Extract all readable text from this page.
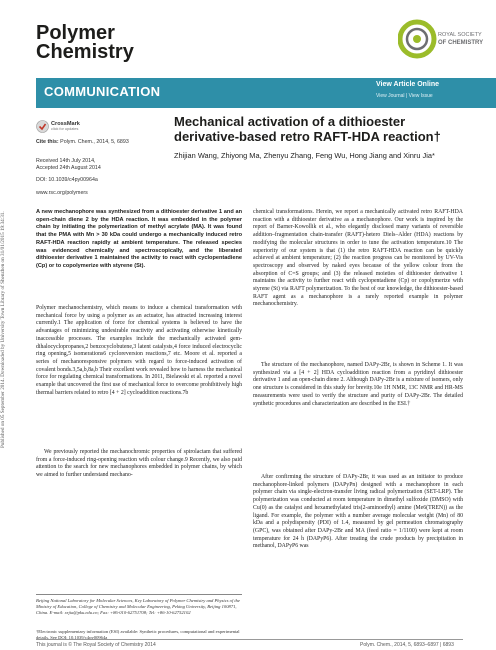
Published on 05 September 2014. Downloaded by University Town Library of Shenzhen on 31/01/2015 19:34:31.
Polymer
Chemistry
ROYAL SOCIETY
OF CHEMISTRY
COMMUNICATION	View Article Online
View Journal | View Issue
CrossMark
click for updates
Cite this: Polym. Chem., 2014, 5, 6893
Received 14th July 2014,
Accepted 24th August 2014
DOI: 10.1039/c4py00964a
www.rsc.org/polymers
Mechanical activation of a dithioester
derivative-based retro RAFT-HDA reaction†
Zhijian Wang, Zhiyong Ma, Zhenyu Zhang, Feng Wu, Hong Jiang and Xinru Jia*

A new mechanophore was synthesized from a dithioester derivative 1 and an open-chain diene 2 by the HDA reaction. It was embedded in the polymer chain by initiating the polymerization of methyl acrylate (MA). It was found that the PMA with Mn > 30 kDa could undergo a mechanically induced retro RAFT-HDA reaction rapidly at ambient temperature. The released species was evidenced chemically and spectroscopically, and the liberated dithioester derivative 1 maintained the activity to react with cyclopentadiene (Cp) or to copolymerize with styrene (St).

Polymer mechanochemistry, which means to induce a chemical transformation with mechanical force by using a polymer as an actuator, has attracted increasing interest currently.1 The application of force for chemical systems is believed to have the advantages of minimizing undesirable reactivity and activating otherwise kinetically inaccessible processes. The examples include the mechanically activated gem-dihalocyclopropanes,2 benzocyclobutene,3 latent catalysts,4 force induced electrocyclic ring opening,5 isomerations6 cycloreversion reactions,7 etc. Moore et al. reported a series of mechanoresponsive polymers with regard to force-induced activation of covalent bonds.3,5a,b,8a,b Their excellent work revealed how to harness the mechanical force for regulating chemical transformations. In 2011, Bielawski et al. reported a novel example that uncovered the first use of mechanical force to overcome prohibitively high thermal barriers related to retro [4 + 2] cycloaddition reactions.7b

We previously reported the mechanochromic properties of spirolactam that suffered from a force-induced ring-opening reaction with colour change.9 Recently, we also paid attention to the search for new mechanophores embedded in polymer chains, by which we aimed to further understand mechano-

chemical transformations. Herein, we report a mechanically activated retro RAFT-HDA reaction with a dithioester derivative as a mechanophore. Our work is inspired by the report of Barner-Kowollik et al., who elegantly disclosed many variants of reversible addition–fragmentation chain-transfer (RAFT)-hetero Diels–Alder (HDA) reactions by modifying the molecular structures in order to tune the activation temperature.10 The superiority of our system is that (1) the retro RAFT-HDA reaction can be quickly achieved at ambient temperature; (2) the reaction progress can be monitored by UV-Vis spectroscopy and observed by naked eyes because of the yellow colour from the absorption of C=S groups; and (3) the released moieties of dithioester derivative 1 maintains the activity to further react with cyclopentadiene (Cp) or copolymerize with styrene (St) via RAFT polymerization. To the best of our knowledge, the dithioester-based RAFT agent as a mechanophore is a rarely reported example in polymer mechanochemistry.

The structure of the mechanophore, named DAPy-2Br, is shown in Scheme 1. It was synthesized via a [4 + 2] HDA cycloaddition reaction from a pyridinyl dithioester derivative 1 and an open-chain diene 2. Although DAPy-2Br is a mixture of isomers, only one structure is considered in this study for brevity.10e 1H NMR, 13C NMR and HR-MS measurements were used to verify the structure and purity of DAPy-2Br. The detailed synthetic procedures and characterization are described in the ESI.†

After confirming the structure of DAPy-2Br, it was used as an initiator to produce mechanophore-linked polymers (DAPyPn) designed with a mechanophore in each polymer chain via single-electron-transfer living radical polymerization (SET-LRP). The polymerization was conducted at room temperature in dimethyl sulfoxide (DMSO) with Cu(0) as the catalyst and hexamethylated tris(2-aminoethyl) amine (Me6(TREN)) as the ligand. For example, the polymer with a number average molecular weight (Mn) of 80 kDa and a polydispersity (PDI) of 1.4, measured by gel permeation chromatography (GPC), was obtained after DAPy-2Br and MA (feed ratio = 1/1100) were kept at room temperature for 24 h (DAPyP6). After treating the crude products by precipitation in methanol, DAPyP6 was

Beijing National Laboratory for Molecular Sciences, Key Laboratory of Polymer Chemistry and Physics of the Ministry of Education, College of Chemistry and Molecular Engineering, Peking University, Beijing 100871, China. E-mail: xrjia@pku.edu.cn; Fax: +86-010-62751708; Tel: +86-10-62752102

†Electronic supplementary information (ESI) available: Synthetic procedures, computational and experimental details. See DOI: 10.1039/c4py00964a

This journal is © The Royal Society of Chemistry 2014	Polym. Chem., 2014, 5, 6893–6897 | 6893
